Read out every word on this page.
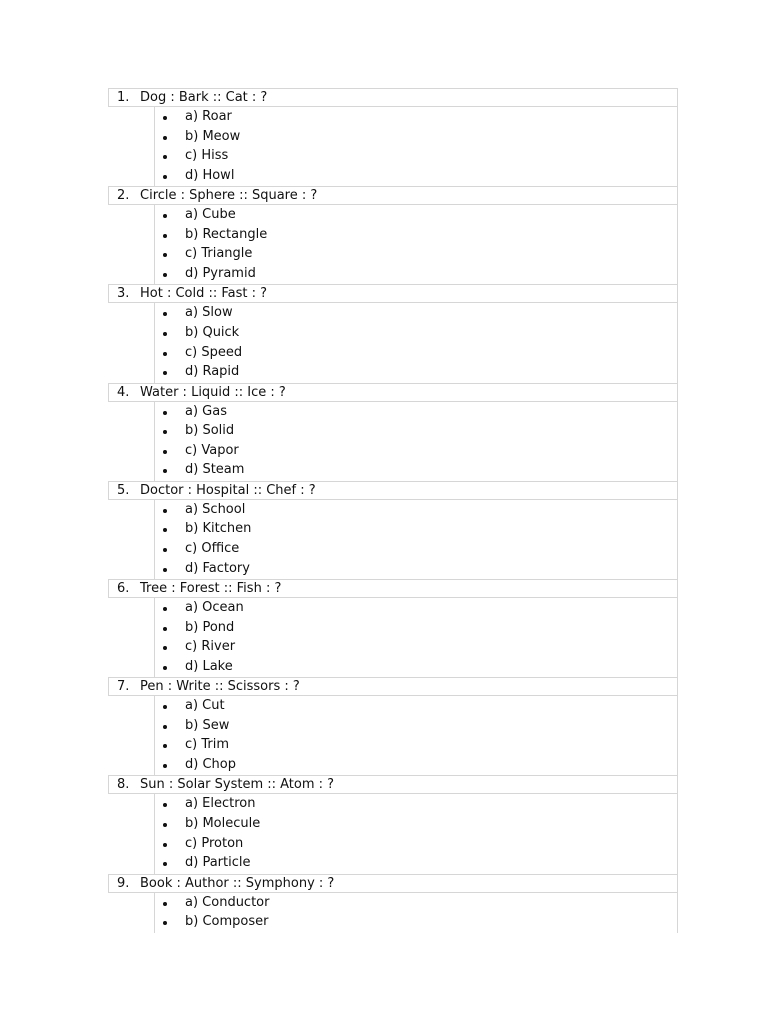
1. Dog : Bark :: Cat : ?
a) Roar
b) Meow
c) Hiss
d) Howl
2. Circle : Sphere :: Square : ?
a) Cube
b) Rectangle
c) Triangle
d) Pyramid
3. Hot : Cold :: Fast : ?
a) Slow
b) Quick
c) Speed
d) Rapid
4. Water : Liquid :: Ice : ?
a) Gas
b) Solid
c) Vapor
d) Steam
5. Doctor : Hospital :: Chef : ?
a) School
b) Kitchen
c) Office
d) Factory
6. Tree : Forest :: Fish : ?
a) Ocean
b) Pond
c) River
d) Lake
7. Pen : Write :: Scissors : ?
a) Cut
b) Sew
c) Trim
d) Chop
8. Sun : Solar System :: Atom : ?
a) Electron
b) Molecule
c) Proton
d) Particle
9. Book : Author :: Symphony : ?
a) Conductor
b) Composer
